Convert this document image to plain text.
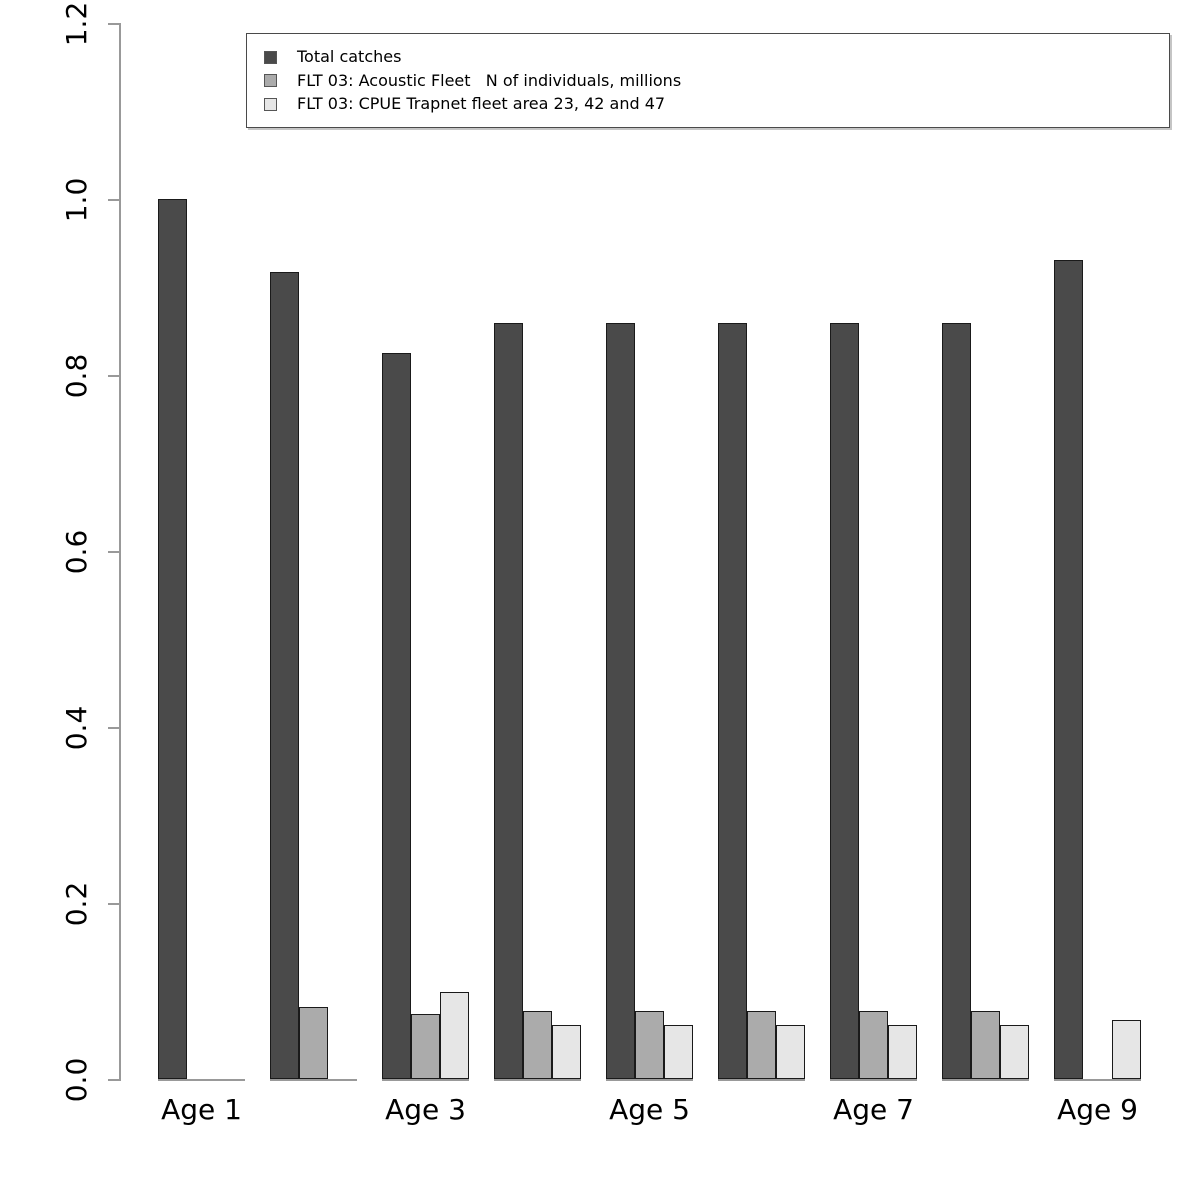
0.0
0.2
0.4
0.6
0.8
1.0
1.2
Age 1	Age 3	Age 5	Age 7	Age 9
Total catches
FLT 03: Acoustic Fleet   N of individuals, millions
FLT 03: CPUE Trapnet fleet area 23, 42 and 47
